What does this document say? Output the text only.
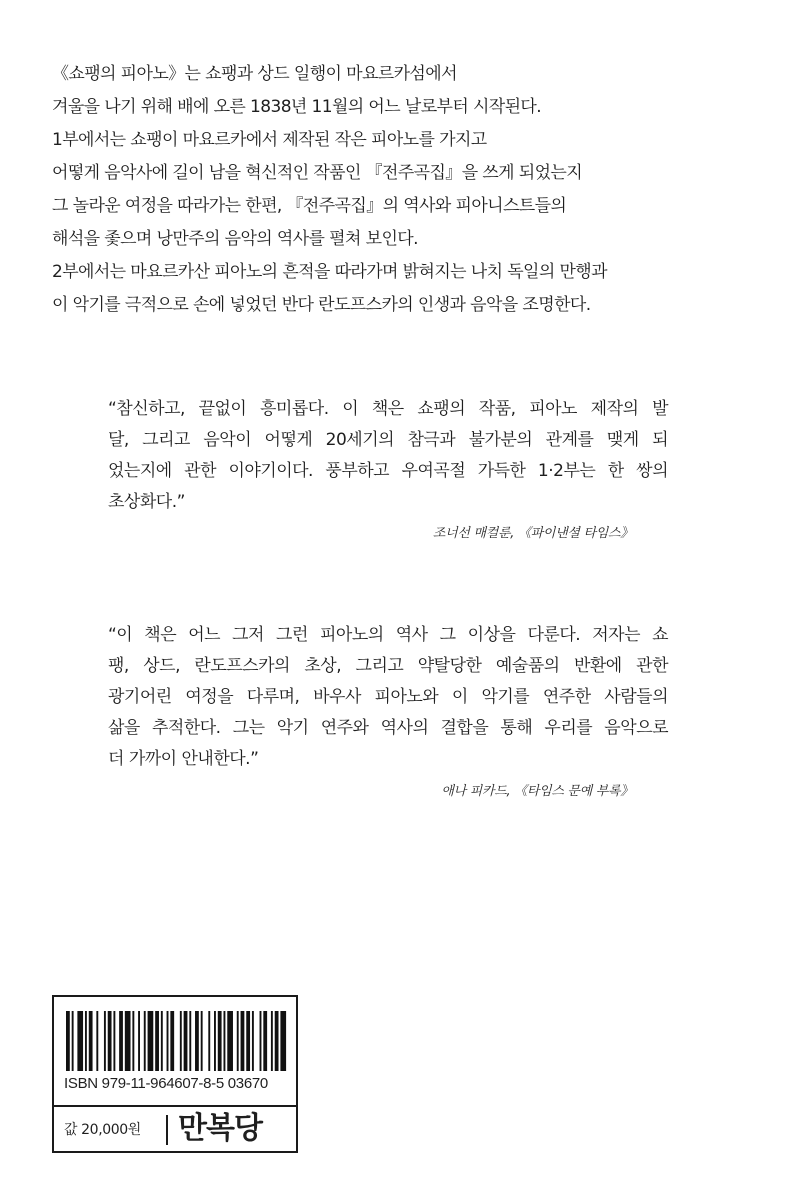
《쇼팽의 피아노》는 쇼팽과 상드 일행이 마요르카섬에서
겨울을 나기 위해 배에 오른 1838년 11월의 어느 날로부터 시작된다.
1부에서는 쇼팽이 마요르카에서 제작된 작은 피아노를 가지고
어떻게 음악사에 길이 남을 혁신적인 작품인 『전주곡집』을 쓰게 되었는지
그 놀라운 여정을 따라가는 한편, 『전주곡집』의 역사와 피아니스트들의
해석을 좇으며 낭만주의 음악의 역사를 펼쳐 보인다.
2부에서는 마요르카산 피아노의 흔적을 따라가며 밝혀지는 나치 독일의 만행과
이 악기를 극적으로 손에 넣었던 반다 란도프스카의 인생과 음악을 조명한다.
“참신하고, 끝없이 흥미롭다. 이 책은 쇼팽의 작품, 피아노 제작의 발
달, 그리고 음악이 어떻게 20세기의 참극과 불가분의 관계를 맺게 되
었는지에 관한 이야기이다. 풍부하고 우여곡절 가득한 1·2부는 한 쌍의
초상화다.”
조너선 매컬룬, 《파이낸셜 타임스》
“이 책은 어느 그저 그런 피아노의 역사 그 이상을 다룬다. 저자는 쇼
팽, 상드, 란도프스카의 초상, 그리고 약탈당한 예술품의 반환에 관한
광기어린 여정을 다루며, 바우사 피아노와 이 악기를 연주한 사람들의
삶을 추적한다. 그는 악기 연주와 역사의 결합을 통해 우리를 음악으로
더 가까이 안내한다.”
애나 피카드, 《타임스 문예 부록》
ISBN 979-11-964607-8-5 03670
값 20,000원 만복당
